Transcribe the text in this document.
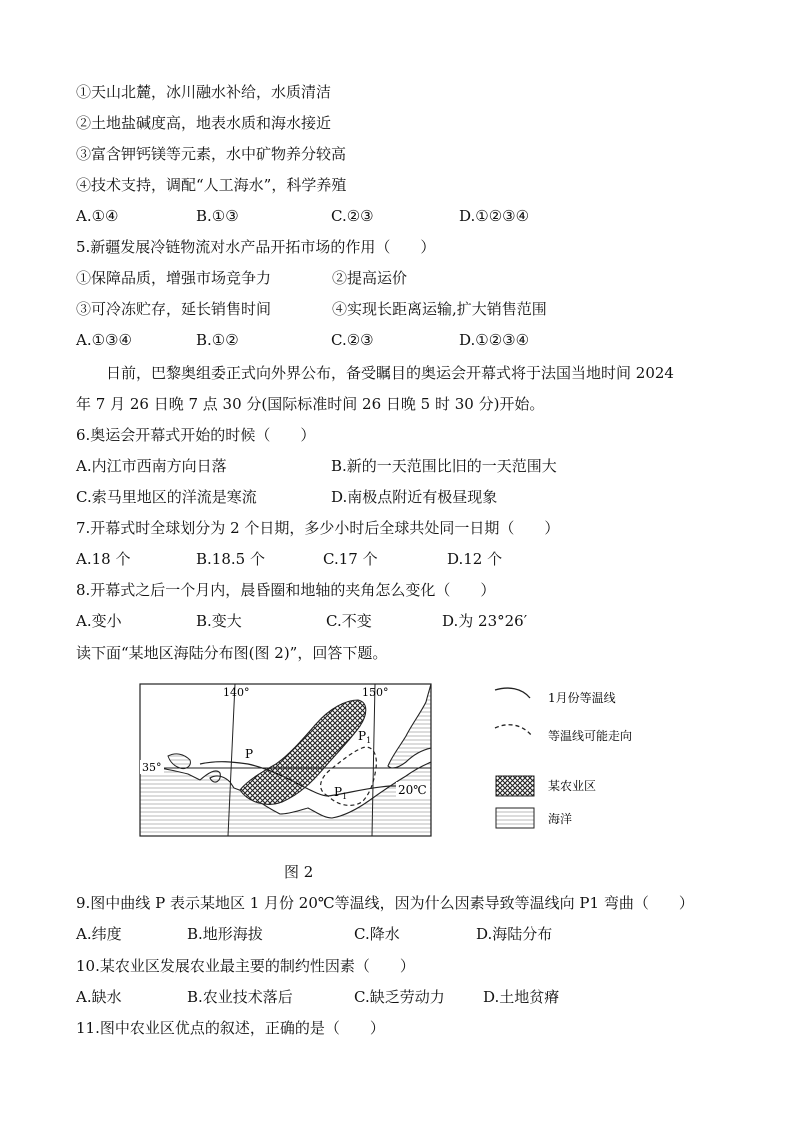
①天山北麓，冰川融水补给，水质清洁
②土地盐碱度高，地表水质和海水接近
③富含钾钙镁等元素，水中矿物养分较高
④技术支持，调配“人工海水”，科学养殖
A.①④	B.①③	C.②③	D.①②③④
5.新疆发展冷链物流对水产品开拓市场的作用（　　）
①保障品质，增强市场竞争力	②提高运价
③可冷冻贮存，延长销售时间	④实现长距离运输,扩大销售范围
A.①③④	B.①②	C.②③	D.①②③④
日前，巴黎奥组委正式向外界公布，备受瞩目的奥运会开幕式将于法国当地时间 2024
年 7 月 26 日晚 7 点 30 分(国际标准时间 26 日晚 5 时 30 分)开始。
6.奥运会开幕式开始的时候（　　）
A.内江市西南方向日落	B.新的一天范围比旧的一天范围大
C.索马里地区的洋流是寒流	D.南极点附近有极昼现象
7.开幕式时全球划分为 2 个日期，多少小时后全球共处同一日期（　　）
A.18 个	B.18.5 个	C.17 个	D.12 个
8.开幕式之后一个月内，晨昏圈和地轴的夹角怎么变化（　　）
A.变小	B.变大	C.不变	D.为 23°26′
读下面“某地区海陆分布图(图 2)”，回答下题。
140°	150°
35°
P
$P_1$
$P_1$	20℃
1月份等温线
等温线可能走向
某农业区
海洋
图 2
9.图中曲线 P 表示某地区 1 月份 20℃等温线，因为什么因素导致等温线向 P1 弯曲（　　）
A.纬度	B.地形海拔	C.降水	D.海陆分布
10.某农业区发展农业最主要的制约性因素（　　）
A.缺水	B.农业技术落后	C.缺乏劳动力	D.土地贫瘠
11.图中农业区优点的叙述，正确的是（　　）
